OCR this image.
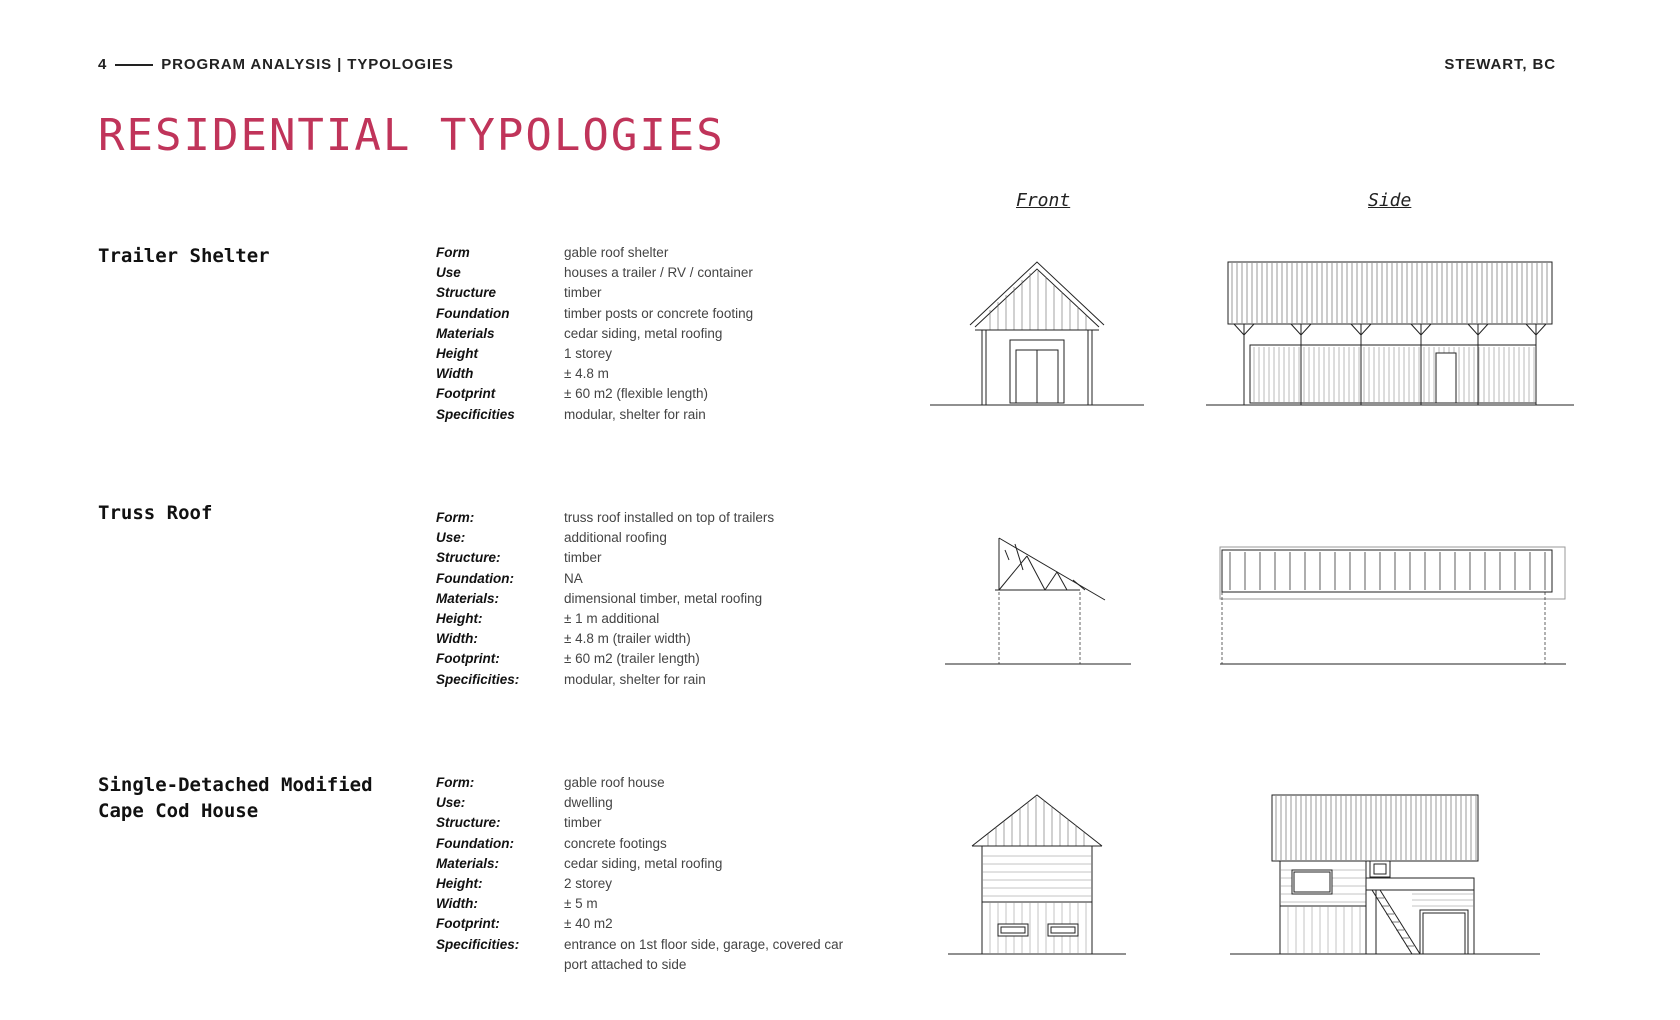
4	PROGRAM ANALYSIS | TYPOLOGIES	STEWART, BC
RESIDENTIAL TYPOLOGIES
Front	Side
Trailer Shelter	Form	gable roof shelter
Use	houses a trailer / RV / container
Structure	timber
Foundation	timber posts or concrete footing
Materials	cedar siding, metal roofing
Height	1 storey
Width	± 4.8 m
Footprint	± 60 m2 (flexible length)
Specificities	modular, shelter for rain
Truss Roof	Form:	truss roof installed on top of trailers
Use:	additional roofing
Structure:	timber
Foundation:	NA
Materials:	dimensional timber, metal roofing
Height:	± 1 m additional
Width:	± 4.8 m (trailer width)
Footprint:	± 60 m2 (trailer length)
Specificities:	modular, shelter for rain
Single-Detached Modified
Cape Cod House
Form:	gable roof house
Use:	dwelling
Structure:	timber
Foundation:	concrete footings
Materials:	cedar siding, metal roofing
Height:	2 storey
Width:	± 5 m
Footprint:	± 40 m2
Specificities:	entrance on 1st floor side, garage, covered car
port attached to side
